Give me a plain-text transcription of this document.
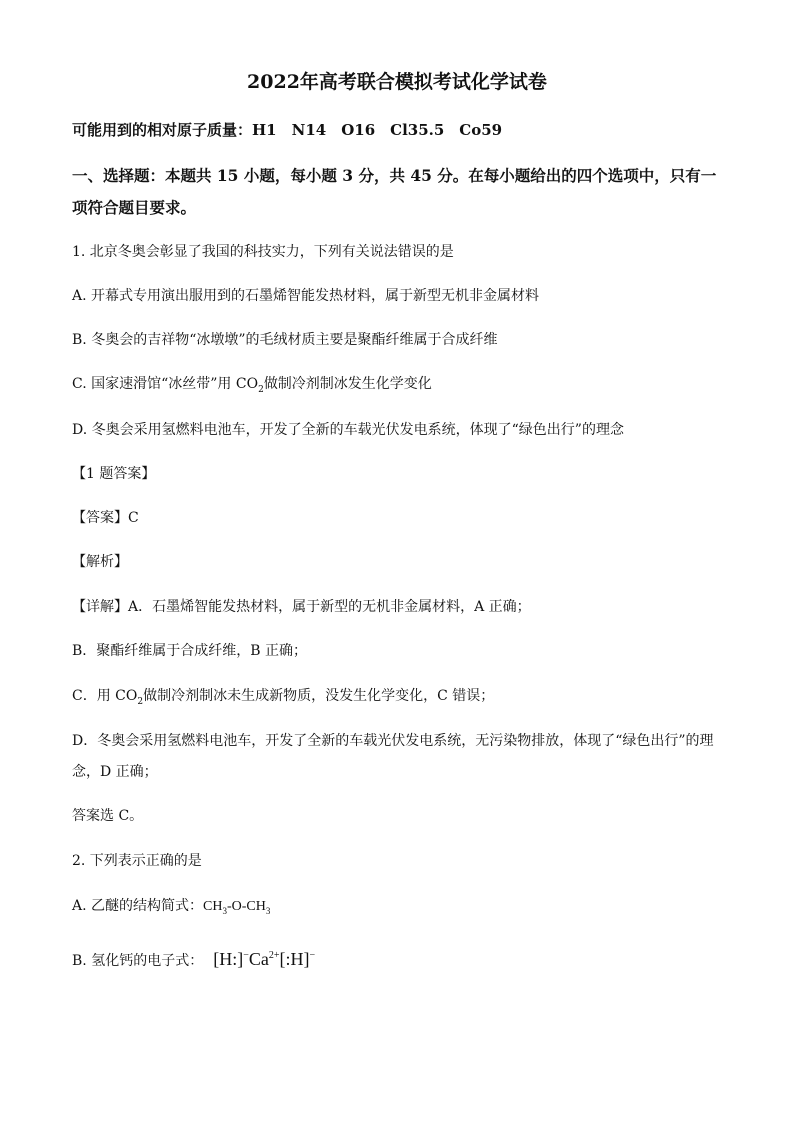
2022年高考联合模拟考试化学试卷
可能用到的相对原子质量：H1　N14　O16　Cl35.5　Co59
一、选择题：本题共 15 小题，每小题 3 分，共 45 分。在每小题给出的四个选项中，只有一
项符合题目要求。
1. 北京冬奥会彰显了我国的科技实力，下列有关说法错误的是
A. 开幕式专用演出服用到的石墨烯智能发热材料，属于新型无机非金属材料
B. 冬奥会的吉祥物“冰墩墩”的毛绒材质主要是聚酯纤维属于合成纤维
C. 国家速滑馆“冰丝带”用 $CO_2$做制冷剂制冰发生化学变化
D. 冬奥会采用氢燃料电池车，开发了全新的车载光伏发电系统，体现了“绿色出行”的理念
【1 题答案】
【答案】C
【解析】
【详解】A．石墨烯智能发热材料，属于新型的无机非金属材料，A 正确；
B．聚酯纤维属于合成纤维，B 正确；
C．用 $CO_2$做制冷剂制冰未生成新物质，没发生化学变化，C 错误；
D．冬奥会采用氢燃料电池车，开发了全新的车载光伏发电系统，无污染物排放，体现了“绿色出行”的理
念，D 正确；
答案选 C。
2. 下列表示正确的是
A. 乙醚的结构简式：$CH_3-O-CH_3$
B. 氢化钙的电子式： $[H:]^-Ca^{2+}[:H]^-$
